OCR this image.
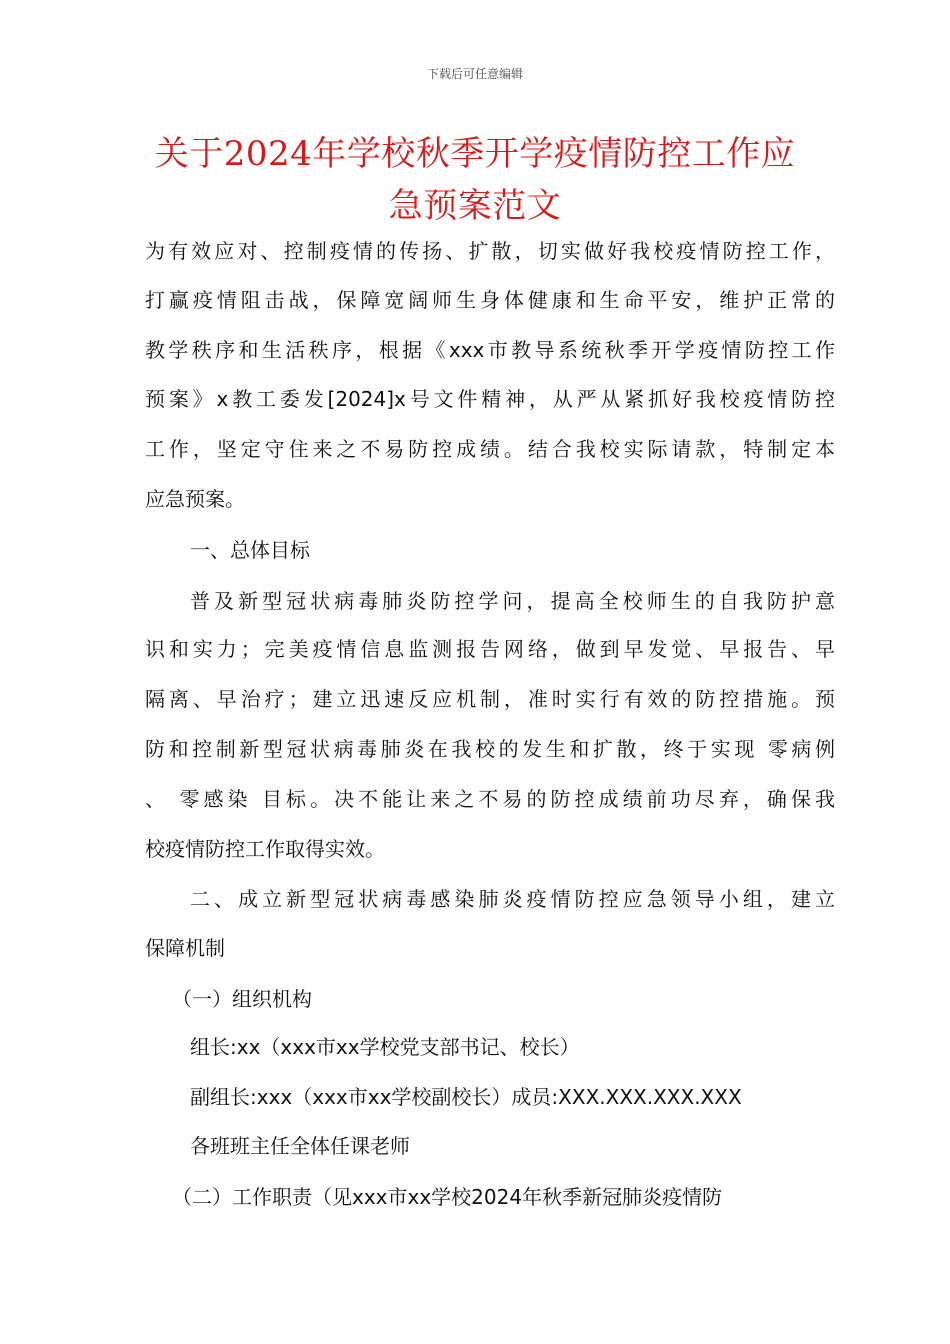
下载后可任意编辑
关于2024年学校秋季开学疫情防控工作应
急预案范文
为有效应对、控制疫情的传扬、扩散，切实做好我校疫情防控工作，
打赢疫情阻击战，保障宽阔师生身体健康和生命平安，维护正常的
教学秩序和生活秩序，根据《xxx市教导系统秋季开学疫情防控工作
预案》x教工委发[2024]x号文件精神，从严从紧抓好我校疫情防控
工作，坚定守住来之不易防控成绩。结合我校实际请款，特制定本
应急预案。
一、总体目标
普及新型冠状病毒肺炎防控学问，提高全校师生的自我防护意
识和实力；完美疫情信息监测报告网络，做到早发觉、早报告、早
隔离、早治疗；建立迅速反应机制，准时实行有效的防控措施。预
防和控制新型冠状病毒肺炎在我校的发生和扩散，终于实现 零病例
、 零感染 目标。决不能让来之不易的防控成绩前功尽弃，确保我
校疫情防控工作取得实效。
二、成立新型冠状病毒感染肺炎疫情防控应急领导小组，建立
保障机制
（一）组织机构
组长:xx（xxx市xx学校党支部书记、校长）
副组长:xxx（xxx市xx学校副校长）成员:XXX.XXX.XXX.XXX
各班班主任全体任课老师
（二）工作职责（见xxx市xx学校2024年秋季新冠肺炎疫情防
